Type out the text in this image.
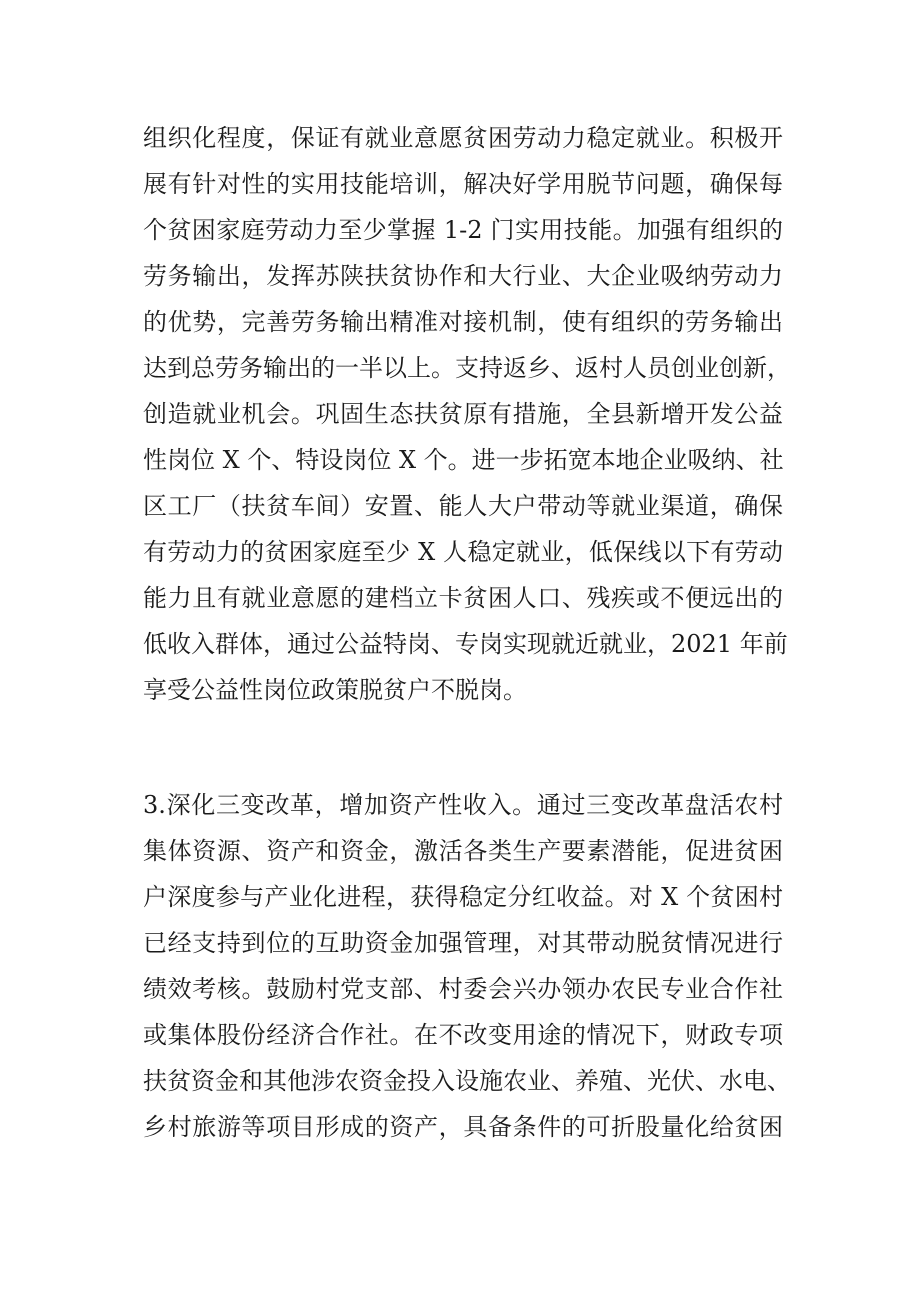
组织化程度，保证有就业意愿贫困劳动力稳定就业。积极开
展有针对性的实用技能培训，解决好学用脱节问题，确保每
个贫困家庭劳动力至少掌握 1-2 门实用技能。加强有组织的
劳务输出，发挥苏陕扶贫协作和大行业、大企业吸纳劳动力
的优势，完善劳务输出精准对接机制，使有组织的劳务输出
达到总劳务输出的一半以上。支持返乡、返村人员创业创新，
创造就业机会。巩固生态扶贫原有措施，全县新增开发公益
性岗位 X 个、特设岗位 X 个。进一步拓宽本地企业吸纳、社
区工厂（扶贫车间）安置、能人大户带动等就业渠道，确保
有劳动力的贫困家庭至少 X 人稳定就业，低保线以下有劳动
能力且有就业意愿的建档立卡贫困人口、残疾或不便远出的
低收入群体，通过公益特岗、专岗实现就近就业，2021 年前
享受公益性岗位政策脱贫户不脱岗。
3.深化三变改革，增加资产性收入。通过三变改革盘活农村
集体资源、资产和资金，激活各类生产要素潜能，促进贫困
户深度参与产业化进程，获得稳定分红收益。对 X 个贫困村
已经支持到位的互助资金加强管理，对其带动脱贫情况进行
绩效考核。鼓励村党支部、村委会兴办领办农民专业合作社
或集体股份经济合作社。在不改变用途的情况下，财政专项
扶贫资金和其他涉农资金投入设施农业、养殖、光伏、水电、
乡村旅游等项目形成的资产，具备条件的可折股量化给贫困
